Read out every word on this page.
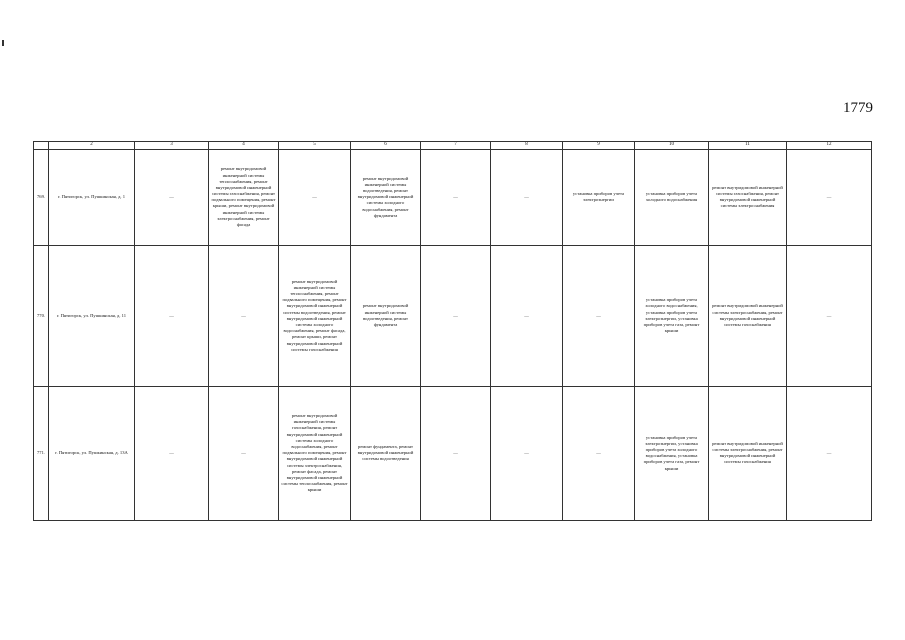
1779
	2	3	4	5	6	7	8	9	10	11	12
769.	г. Пятигорск, ул. Пушкинская, д. 1	—	ремонт внутридомовой инженерной системы теплоснабжения, ремонт внутридомовой инженерной системы газоснабжения, ремонт подвального помещения, ремонт крыши, ремонт внутридомовой инженерной системы электроснабжения, ремонт фасада	—	ремонт внутридомовой инженерной системы водоотведения, ремонт внутридомовой инженерной системы холодного водоснабжения, ремонт фундамента	—	—	установка приборов учета электроэнергии	установка приборов учета холодного водоснабжения	ремонт внутридомовой инженерной системы газоснабжения, ремонт внутридомовой инженерной системы электроснабжения	—
770.	г. Пятигорск, ул. Пушкинская, д. 11	—	—	ремонт внутридомовой инженерной системы теплоснабжения, ремонт подвального помещения, ремонт внутридомовой инженерной системы водоотведения, ремонт внутридомовой инженерной системы холодного водоснабжения, ремонт фасада, ремонт крыши, ремонт внутридомовой инженерной системы газоснабжения	ремонт внутридомовой инженерной системы водоотведения, ремонт фундамента	—	—	—	установка приборов учета холодного водоснабжения, установка приборов учета электроэнергии, установка приборов учета газа, ремонт крыши	ремонт внутридомовой инженерной системы электроснабжения, ремонт внутридомовой инженерной системы газоснабжения	—
771.	г. Пятигорск, ул. Пушкинская, д. 13А	—	—	ремонт внутридомовой инженерной системы газоснабжения, ремонт внутридомовой инженерной системы холодного водоснабжения, ремонт подвального помещения, ремонт внутридомовой инженерной системы электроснабжения, ремонт фасада, ремонт внутридомовой инженерной системы теплоснабжения, ремонт крыши	ремонт фундамента, ремонт внутридомовой инженерной системы водоотведения	—	—	—	установка приборов учета электроэнергии, установка приборов учета холодного водоснабжения, установка приборов учета газа, ремонт крыши	ремонт внутридомовой инженерной системы электроснабжения, ремонт внутридомовой инженерной системы газоснабжения	—
